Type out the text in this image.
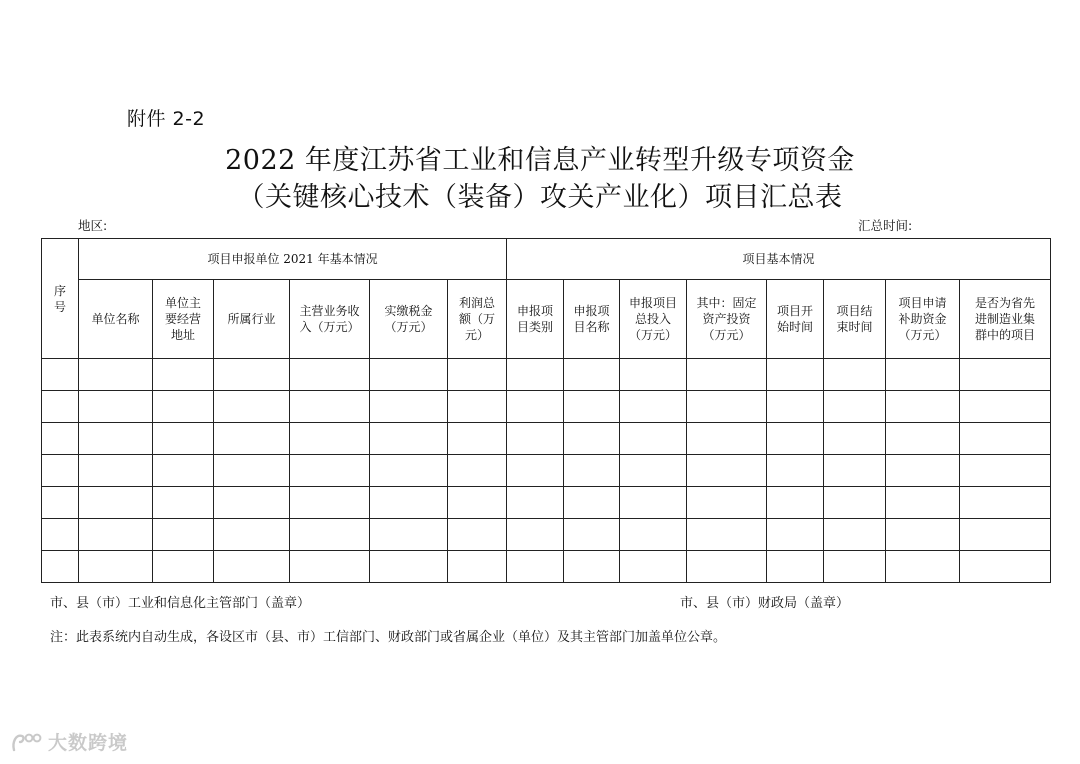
附件 2-2
2022 年度江苏省工业和信息产业转型升级专项资金
（关键核心技术（装备）攻关产业化）项目汇总表
地区:	汇总时间:
序
号	项目申报单位 2021 年基本情况						项目基本情况							
	单位名称	单位主
要经营
地址	所属行业	主营业务收
入（万元）	实缴税金
（万元）	利润总
额（万
元）	申报项
目类别	申报项
目名称	申报项目
总投入
（万元）	其中：固定
资产投资
（万元）	项目开
始时间	项目结
束时间	项目申请
补助资金
（万元）	是否为省先
进制造业集
群中的项目

市、县（市）工业和信息化主管部门（盖章）	市、县（市）财政局（盖章）
注：此表系统内自动生成，各设区市（县、市）工信部门、财政部门或省属企业（单位）及其主管部门加盖单位公章。
大数跨境
